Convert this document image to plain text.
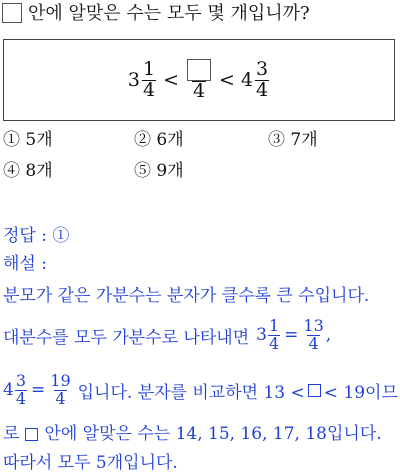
안에 알맞은 수는 모두 몇 개입니까?
$3 \frac{1}{4} < 4 < 4 \frac{3}{4}$
① 5개	② 6개	③ 7개
④ 8개	⑤ 9개
정답 : ①
해설 :
분모가 같은 가분수는 분자가 클수록 큰 수입니다.
대분수를 모두 가분수로 나타내면 $3 \frac{1}{4} = \frac{13}{4}$ ,
$4 \frac{3}{4} = \frac{19}{4}$ 입니다. 분자를 비교하면 13 < < 19이므
로 안에 알맞은 수는 14, 15, 16, 17, 18입니다.
따라서 모두 5개입니다.
